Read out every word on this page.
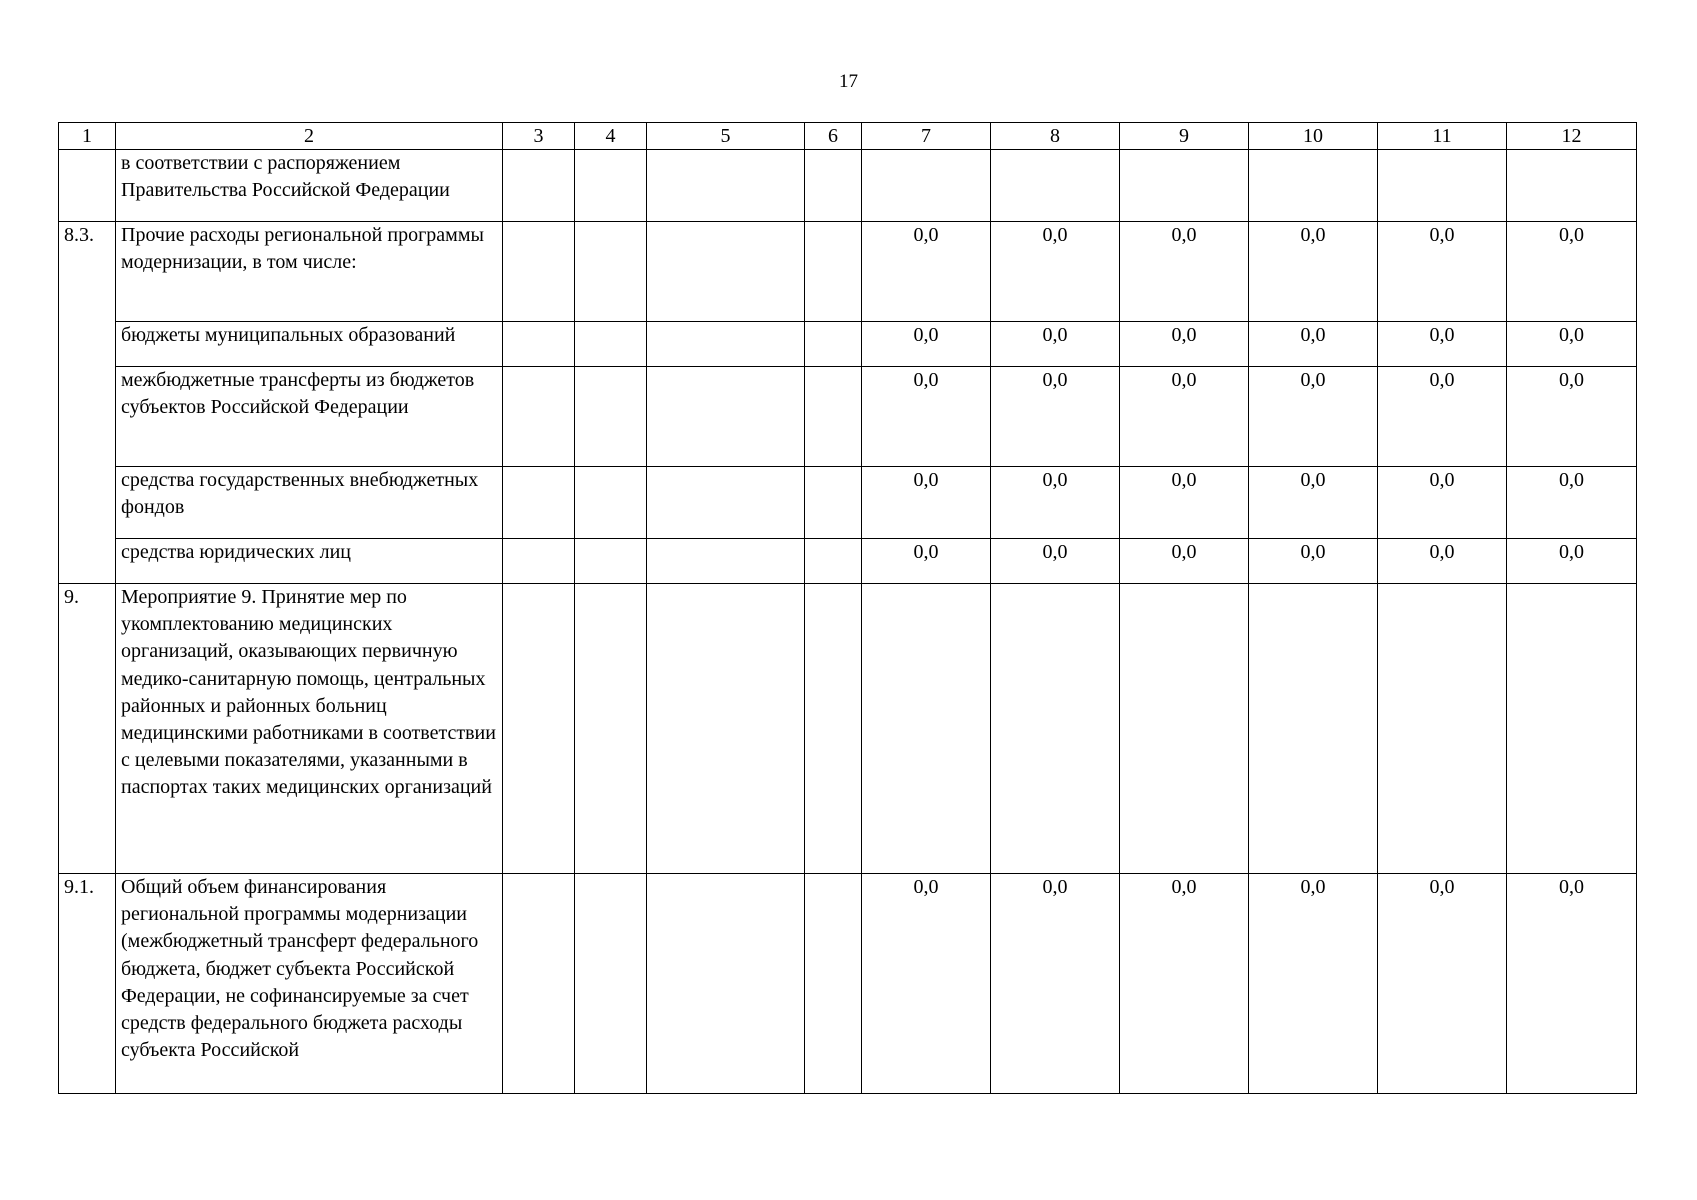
17
1	2	3	4	5	6	7	8	9	10	11	12
	в соответствии с распоряжением Правительства Российской Федерации										
8.3.	Прочие расходы региональной программы модернизации, в том числе:					0,0	0,0	0,0	0,0	0,0	0,0
	бюджеты муниципальных образований					0,0	0,0	0,0	0,0	0,0	0,0
	межбюджетные трансферты из бюджетов субъектов Российской Федерации					0,0	0,0	0,0	0,0	0,0	0,0
	средства государственных внебюджетных фондов					0,0	0,0	0,0	0,0	0,0	0,0
	средства юридических лиц					0,0	0,0	0,0	0,0	0,0	0,0
9.	Мероприятие 9. Принятие мер по укомплектованию медицинских организаций, оказывающих первичную медико-санитарную помощь, центральных районных и районных больниц медицинскими работниками в соответствии с целевыми показателями, указанными в паспортах таких медицинских организаций										
9.1.	Общий объем финансирования региональной программы модернизации (межбюджетный трансферт федерального бюджета, бюджет субъекта Российской Федерации, не софинансируемые за счет средств федерального бюджета расходы субъекта Российской					0,0	0,0	0,0	0,0	0,0	0,0
